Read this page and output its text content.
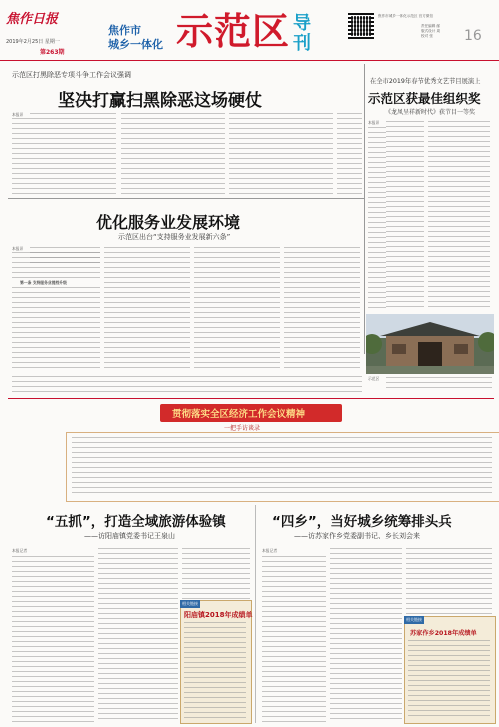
焦作日报
2019年2月25日 星期一
第263期
焦作市
城乡一体化 示范区 导刊
焦作市城乡一体化示范区 官方微信
责任编辑 邮
版式设计 周
校对 张 16
示范区打黑除恶专项斗争工作会议强调
坚决打赢扫黑除恶这场硬仗
本报讯
在全市2019年春节优秀文艺节目展演上
示范区获最佳组织奖
《龙凤呈祥新时代》获节目一等奖
本报讯
优化服务业发展环境
示范区出台“支持服务业发展新六条”
本报讯
第一条 支持服务业提档升级
示范区
贯彻落实全区经济工作会议精神
一把手访谈录
“五抓”，打造全域旅游体验镇
——访阳庙镇党委书记王泉山
本报记者
相关链接
阳庙镇2018年成绩单
“四乡”，当好城乡统筹排头兵
——访苏家作乡党委副书记、乡长刘会来
本报记者
相关链接
苏家作乡2018年成绩单
